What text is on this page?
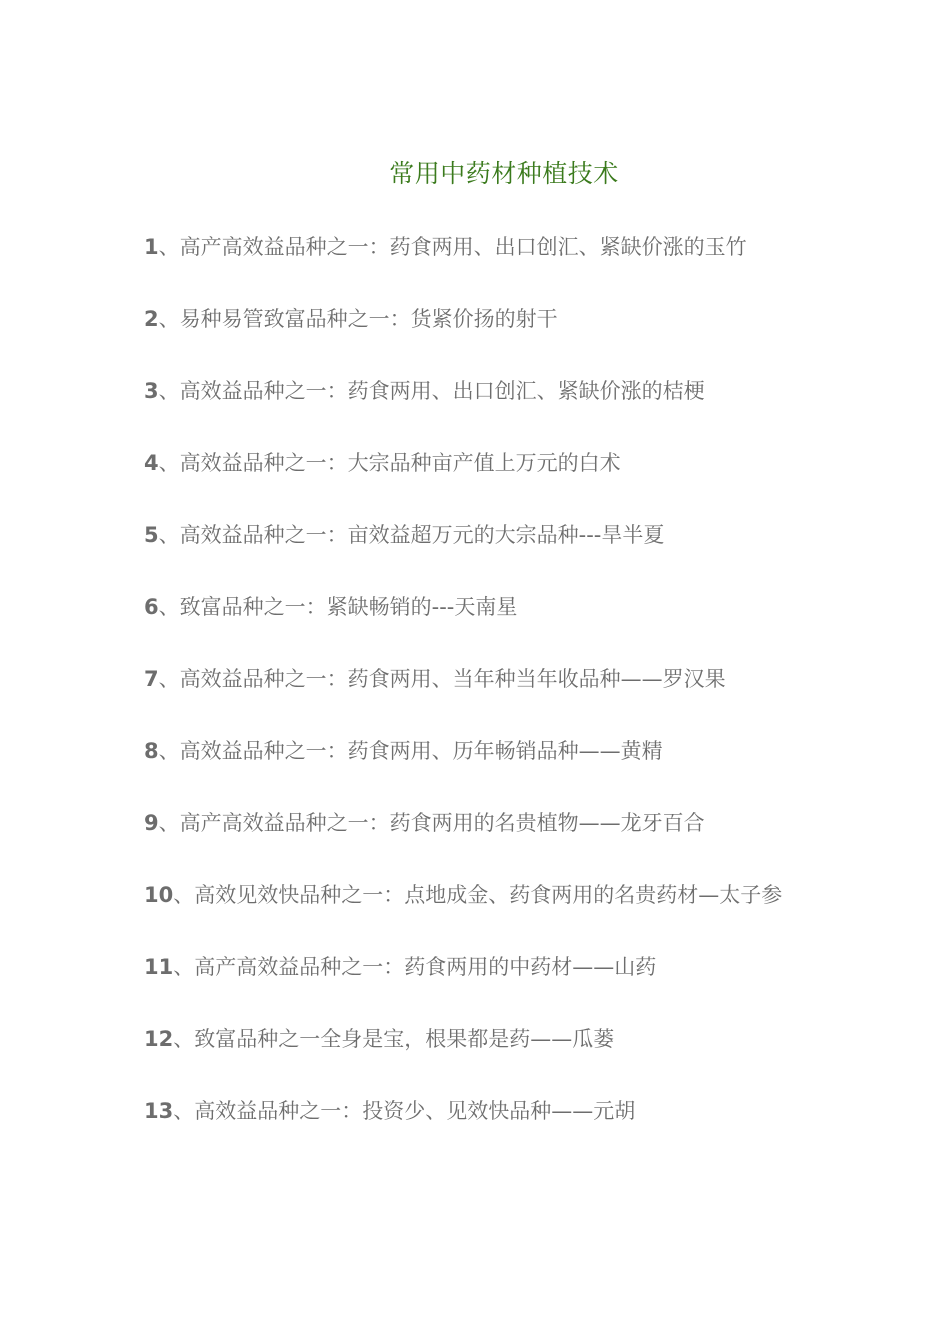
常用中药材种植技术
1、高产高效益品种之一：药食两用、出口创汇、紧缺价涨的玉竹
2、易种易管致富品种之一：货紧价扬的射干
3、高效益品种之一：药食两用、出口创汇、紧缺价涨的桔梗
4、高效益品种之一：大宗品种亩产值上万元的白术
5、高效益品种之一：亩效益超万元的大宗品种---旱半夏
6、致富品种之一：紧缺畅销的---天南星
7、高效益品种之一：药食两用、当年种当年收品种——罗汉果
8、高效益品种之一：药食两用、历年畅销品种——黄精
9、高产高效益品种之一：药食两用的名贵植物——龙牙百合
10、高效见效快品种之一：点地成金、药食两用的名贵药材—太子参
11、高产高效益品种之一：药食两用的中药材——山药
12、致富品种之一全身是宝，根果都是药——瓜蒌
13、高效益品种之一：投资少、见效快品种——元胡
